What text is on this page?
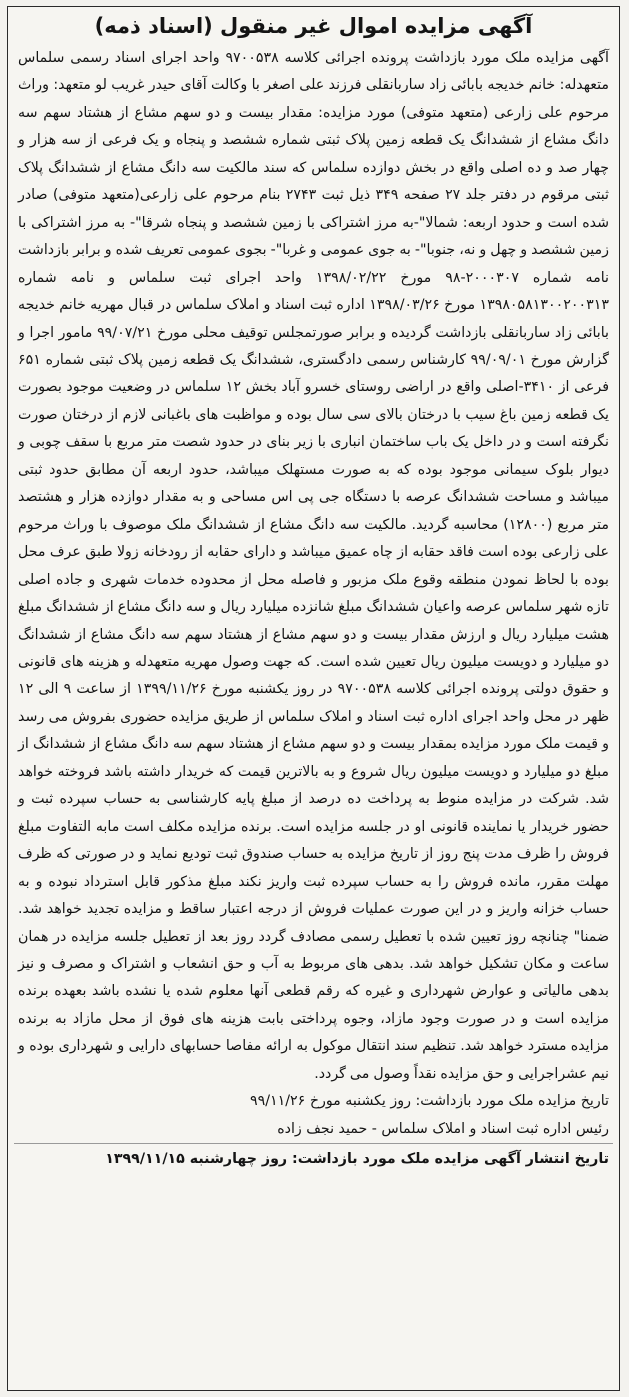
آگهی مزایده اموال غیر منقول (اسناد ذمه)

آگهی مزایده ملک مورد بازداشت پرونده اجرائی کلاسه ۹۷۰۰۵۳۸ واحد اجرای اسناد رسمی سلماس متعهدله: خانم خدیجه بابائی زاد ساربانقلی فرزند علی اصغر با وکالت آقای حیدر غریب لو متعهد: وراث مرحوم علی زارعی (متعهد متوفی) مورد مزایده: مقدار بیست و دو سهم مشاع از هشتاد سهم سه دانگ مشاع از ششدانگ یک قطعه زمین پلاک ثبتی شماره ششصد و پنجاه و یک فرعی از سه هزار و چهار صد و ده اصلی واقع در بخش دوازده سلماس که سند مالکیت سه دانگ مشاع از ششدانگ پلاک ثبتی مرقوم در دفتر جلد ۲۷ صفحه ۳۴۹ ذیل ثبت ۲۷۴۳ بنام مرحوم علی زارعی(متعهد متوفی) صادر شده است و حدود اربعه: شمالا"-به مرز اشتراکی با زمین ششصد و پنجاه شرقا"- به مرز اشتراکی با زمین ششصد و چهل و نه، جنوبا"- به جوی عمومی و غربا"- بجوی عمومی تعریف شده و برابر بازداشت نامه شماره ۲۰۰۰۳۰۷-۹۸ مورخ ۱۳۹۸/۰۲/۲۲ واحد اجرای ثبت سلماس و نامه شماره ۱۳۹۸۰۵۸۱۳۰۰۲۰۰۳۱۳ مورخ ۱۳۹۸/۰۳/۲۶ اداره ثبت اسناد و املاک سلماس در قبال مهریه خانم خدیجه بابائی زاد ساربانقلی بازداشت گردیده و برابر صورتمجلس توقیف محلی مورخ ۹۹/۰۷/۲۱ مامور اجرا و گزارش مورخ ۹۹/۰۹/۰۱ کارشناس رسمی دادگستری، ششدانگ یک قطعه زمین پلاک ثبتی شماره ۶۵۱ فرعی از ۳۴۱۰-اصلی واقع در اراضی روستای خسرو آباد بخش ۱۲ سلماس در وضعیت موجود بصورت یک قطعه زمین باغ سیب با درختان بالای سی سال بوده و مواظبت های باغبانی لازم از درختان صورت نگرفته است و در داخل یک باب ساختمان انباری با زیر بنای در حدود شصت متر مربع با سقف چوبی و دیوار بلوک سیمانی موجود بوده که به صورت مستهلک میباشد، حدود اربعه آن مطابق حدود ثبتی میباشد و مساحت ششدانگ عرصه با دستگاه جی پی اس مساحی و به مقدار دوازده هزار و هشتصد متر مربع (۱۲۸۰۰) محاسبه گردید. مالکیت سه دانگ مشاع از ششدانگ ملک موصوف با وراث مرحوم علی زارعی بوده است فاقد حقابه از چاه عمیق میباشد و دارای حقابه از رودخانه زولا طبق عرف محل بوده با لحاظ نمودن منطقه وقوع ملک مزبور و فاصله محل از محدوده خدمات شهری و جاده اصلی تازه شهر سلماس عرصه واعیان ششدانگ مبلغ شانزده میلیارد ریال و سه دانگ مشاع از ششدانگ مبلغ هشت میلیارد ریال و ارزش مقدار بیست و دو سهم مشاع از هشتاد سهم سه دانگ مشاع از ششدانگ دو میلیارد و دویست میلیون ریال تعیین شده است. که جهت وصول مهریه متعهدله و هزینه های قانونی و حقوق دولتی پرونده اجرائی کلاسه ۹۷۰۰۵۳۸ در روز یکشنبه مورخ ۱۳۹۹/۱۱/۲۶ از ساعت ۹ الی ۱۲ ظهر در محل واحد اجرای اداره ثبت اسناد و املاک سلماس از طریق مزایده حضوری بفروش می رسد و قیمت ملک مورد مزایده بمقدار بیست و دو سهم مشاع از هشتاد سهم سه دانگ مشاع از ششدانگ از مبلغ دو میلیارد و دویست میلیون ریال شروع و به بالاترین قیمت که خریدار داشته باشد فروخته خواهد شد. شرکت در مزایده منوط به پرداخت ده درصد از مبلغ پایه کارشناسی به حساب سپرده ثبت و حضور خریدار یا نماینده قانونی او در جلسه مزایده است. برنده مزایده مکلف است مابه التفاوت مبلغ فروش را ظرف مدت پنج روز از تاریخ مزایده به حساب صندوق ثبت تودیع نماید و در صورتی که ظرف مهلت مقرر، مانده فروش را به حساب سپرده ثبت واریز نکند مبلغ مذکور قابل استرداد نبوده و به حساب خزانه واریز و در این صورت عملیات فروش از درجه اعتبار ساقط و مزایده تجدید خواهد شد. ضمنا" چنانچه روز تعیین شده با تعطیل رسمی مصادف گردد روز بعد از تعطیل جلسه مزایده در همان ساعت و مکان تشکیل خواهد شد. بدهی های مربوط به آب و حق انشعاب و اشتراک و مصرف و نیز بدهی مالیاتی و عوارض شهرداری و غیره که رقم قطعی آنها معلوم شده یا نشده باشد بعهده برنده مزایده است و در صورت وجود مازاد، وجوه پرداختی بابت هزینه های فوق از محل مازاد به برنده مزایده مسترد خواهد شد. تنظیم سند انتقال موکول به ارائه مفاصا حسابهای دارایی و شهرداری بوده و نیم عشراجرایی و حق مزایده نقداً وصول می گردد.

تاریخ مزایده ملک مورد بازداشت: روز یکشنبه مورخ ۹۹/۱۱/۲۶
رئیس اداره ثبت اسناد و املاک سلماس - حمید نجف زاده
تاریخ انتشار آگهی مزایده ملک مورد بازداشت: روز چهارشنبه ۱۳۹۹/۱۱/۱۵
